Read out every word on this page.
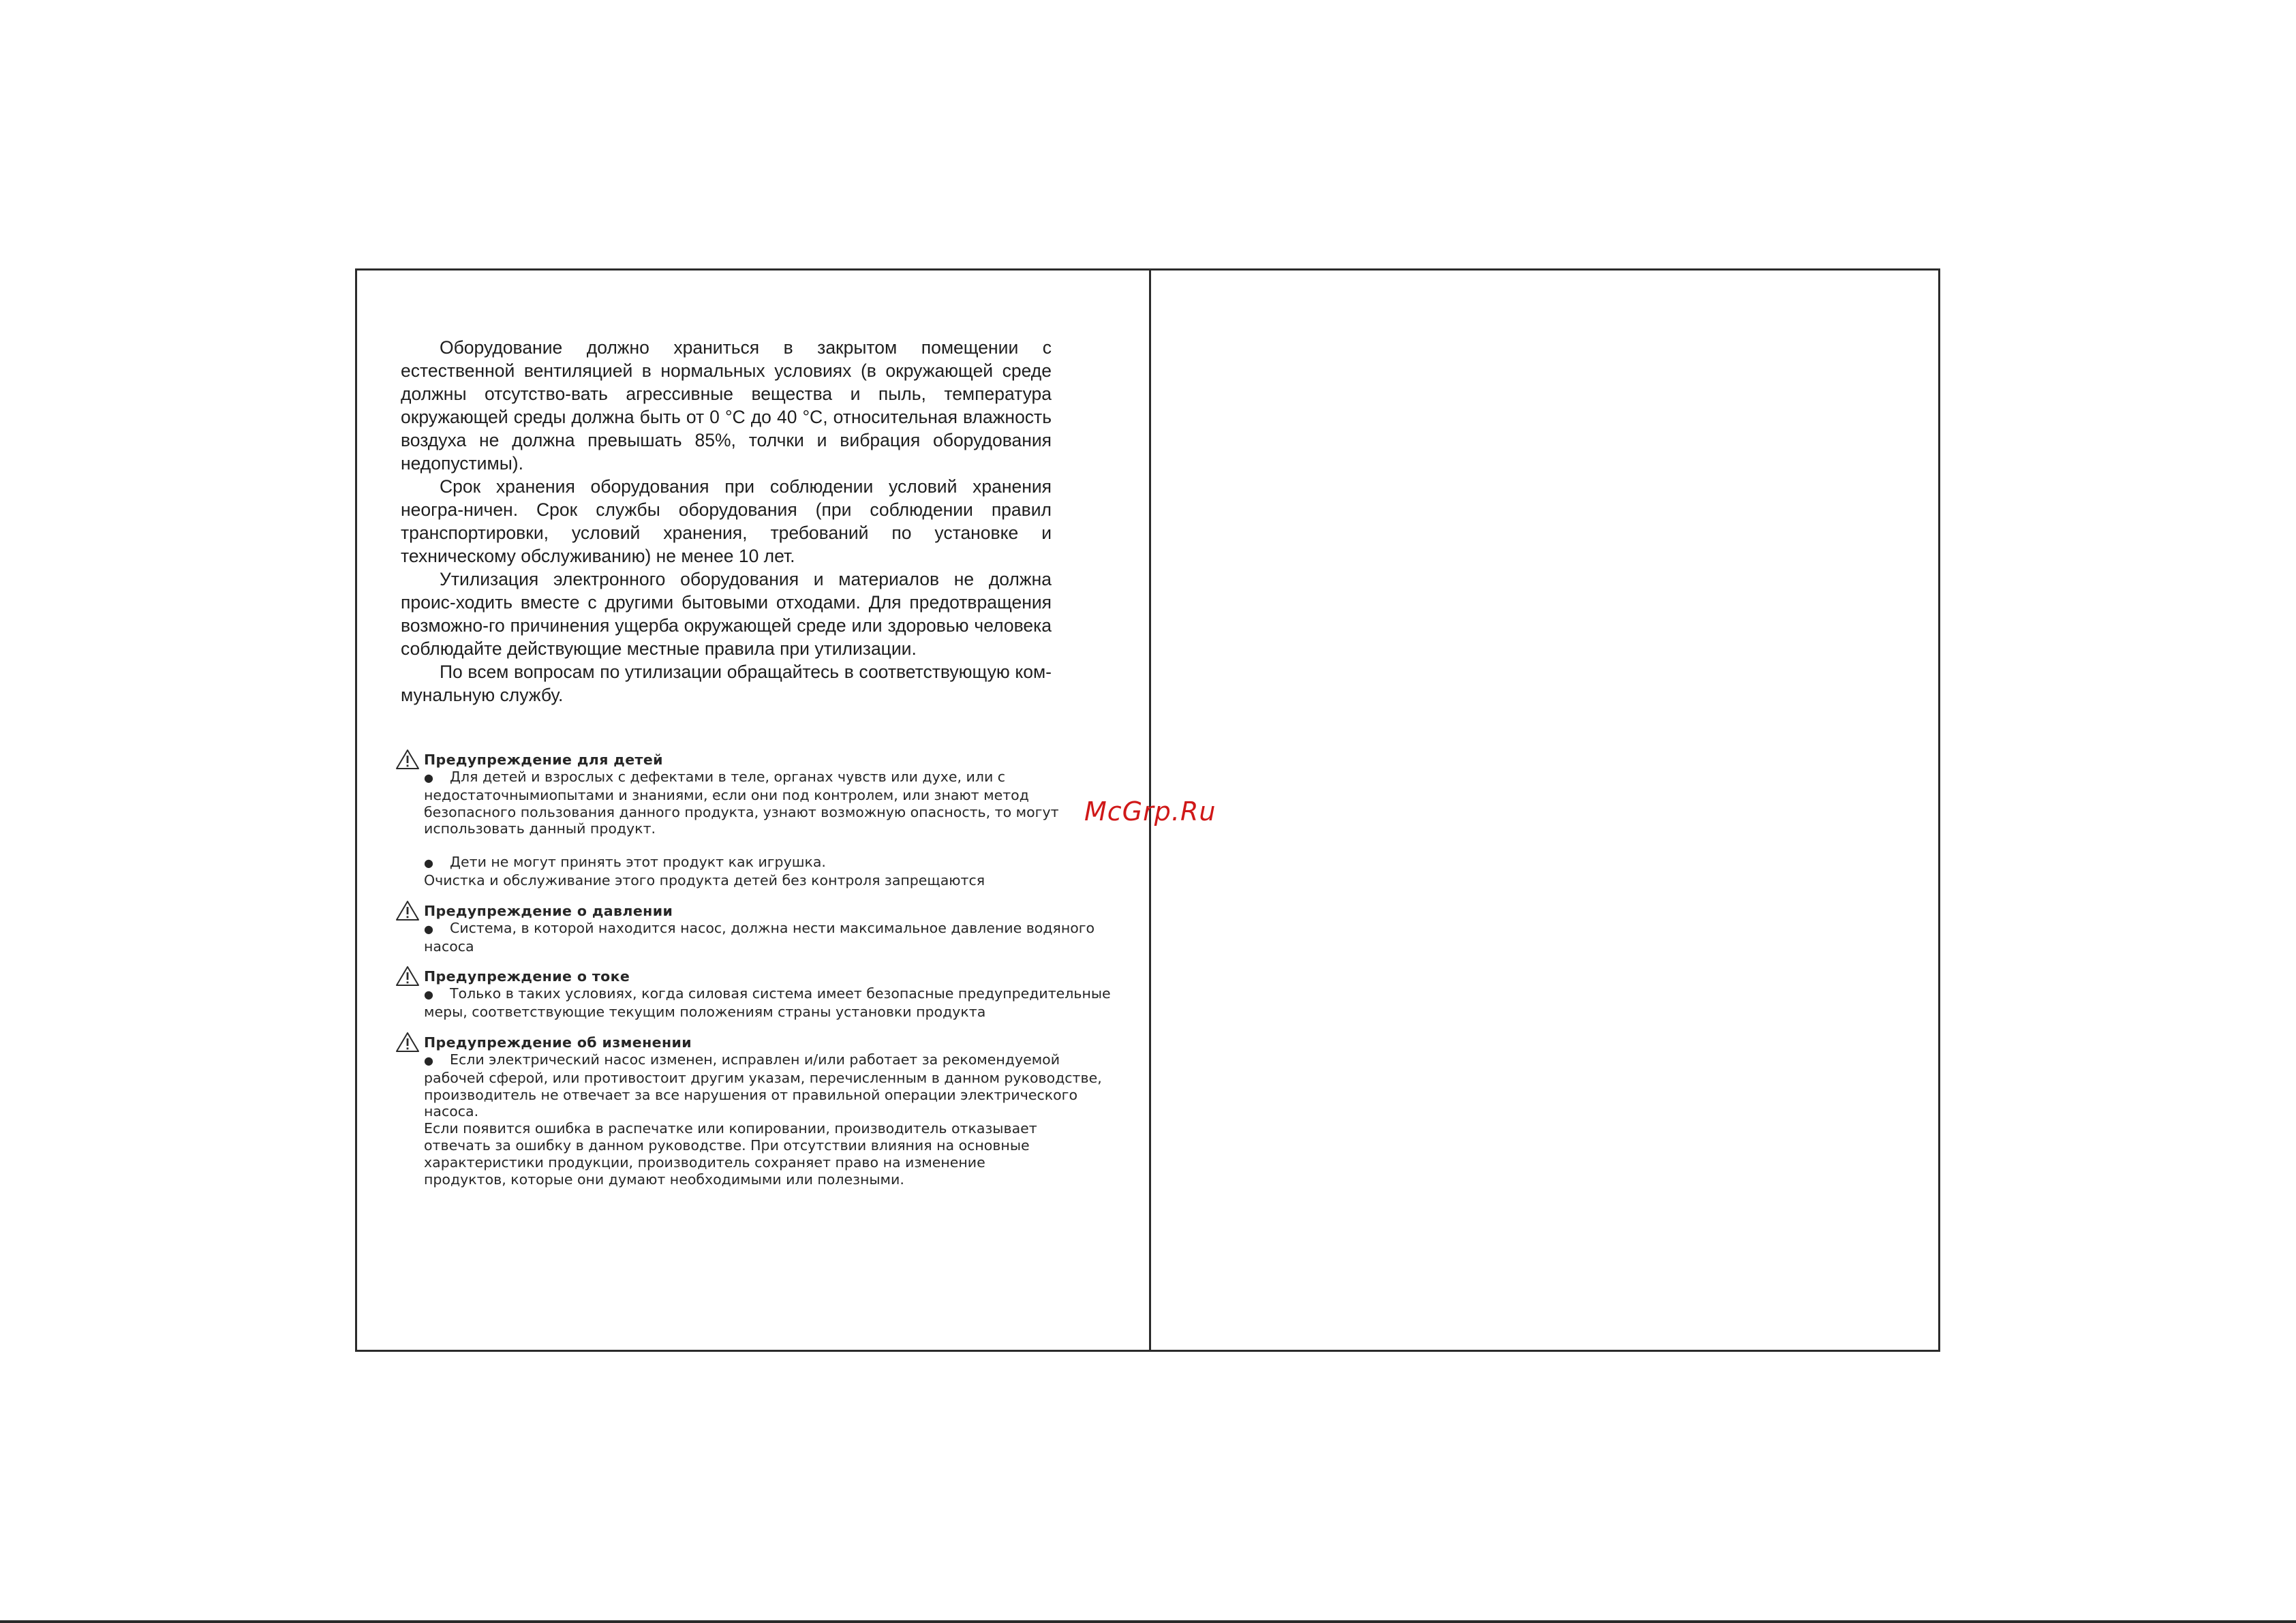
Оборудование должно храниться в закрытом помещении с естественной вентиляцией в нормальных условиях (в окружающей среде должны отсутство-вать агрессивные вещества и пыль, температура окружающей среды должна быть от 0 °С до 40 °С, относительная влажность воздуха не должна превышать 85%, толчки и вибрация оборудования недопустимы).

Срок хранения оборудования при соблюдении условий хранения неогра-ничен. Срок службы оборудования (при соблюдении правил транспортировки, условий хранения, требований по установке и техническому обслуживанию) не менее 10 лет.

Утилизация электронного оборудования и материалов не должна проис-ходить вместе с другими бытовыми отходами. Для предотвращения возможно-го причинения ущерба окружающей среде или здоровью человека соблюдайте действующие местные правила при утилизации.

По всем вопросам по утилизации обращайтесь в соответствующую ком-мунальную службу.

Предупреждение для детей

● Для детей и взрослых с дефектами в теле, органах чувств или духе, или с
недостаточнымиопытами и знаниями, если они под контролем, или знают метод
безопасного пользования данного продукта, узнают возможную опасность, то могут
использовать данный продукт.

● Дети не могут принять этот продукт как игрушка.

Очистка и обслуживание этого продукта детей без контроля запрещаются

Предупреждение о давлении

● Система, в которой находится насос, должна нести максимальное давление водяного
насоса

Предупреждение о токе

● Только в таких условиях, когда силовая система имеет безопасные предупредительные
меры, соответствующие текущим положениям страны установки продукта

Предупреждение об изменении

● Если электрический насос изменен, исправлен и/или работает за рекомендуемой
рабочей сферой, или противостоит другим указам, перечисленным в данном руководстве,
производитель не отвечает за все нарушения от правильной операции электрического
насоса.

Если появится ошибка в распечатке или копировании, производитель отказывает
отвечать за ошибку в данном руководстве. При отсутствии влияния на основные
характеристики продукции, производитель сохраняет право на изменение
продуктов, которые они думают необходимыми или полезными.

McGrp.Ru
